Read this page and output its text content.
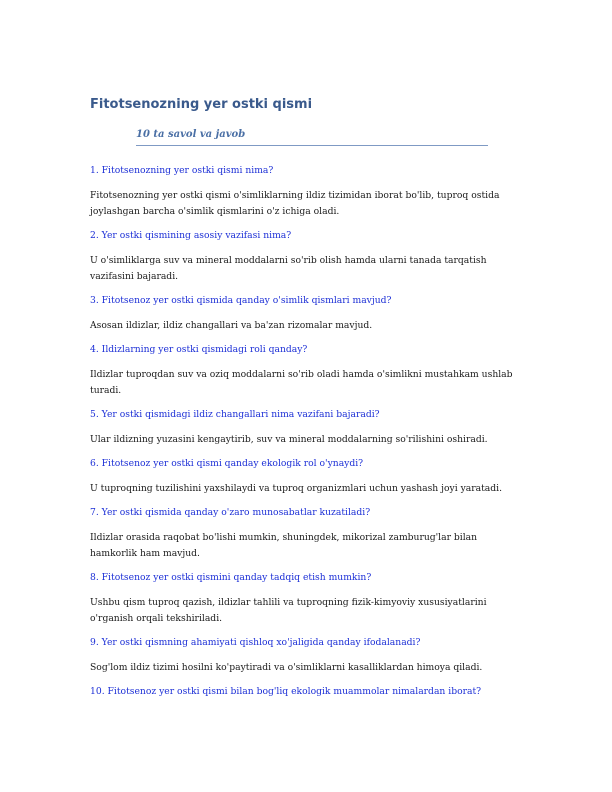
Fitotsenozning yer ostki qismi
10 ta savol va javob

1. Fitotsenozning yer ostki qismi nima?

Fitotsenozning yer ostki qismi o'simliklarning ildiz tizimidan iborat bo'lib, tuproq ostida joylashgan barcha o'simlik qismlarini o'z ichiga oladi.

2. Yer ostki qismining asosiy vazifasi nima?

U o'simliklarga suv va mineral moddalarni so'rib olish hamda ularni tanada tarqatish vazifasini bajaradi.

3. Fitotsenoz yer ostki qismida qanday o'simlik qismlari mavjud?

Asosan ildizlar, ildiz changallari va ba'zan rizomalar mavjud.

4. Ildizlarning yer ostki qismidagi roli qanday?

Ildizlar tuproqdan suv va oziq moddalarni so'rib oladi hamda o'simlikni mustahkam ushlab turadi.

5. Yer ostki qismidagi ildiz changallari nima vazifani bajaradi?

Ular ildizning yuzasini kengaytirib, suv va mineral moddalarning so'rilishini oshiradi.

6. Fitotsenoz yer ostki qismi qanday ekologik rol o'ynaydi?

U tuproqning tuzilishini yaxshilaydi va tuproq organizmlari uchun yashash joyi yaratadi.

7. Yer ostki qismida qanday o'zaro munosabatlar kuzatiladi?

Ildizlar orasida raqobat bo'lishi mumkin, shuningdek, mikorizal zamburug'lar bilan hamkorlik ham mavjud.

8. Fitotsenoz yer ostki qismini qanday tadqiq etish mumkin?

Ushbu qism tuproq qazish, ildizlar tahlili va tuproqning fizik-kimyoviy xususiyatlarini o'rganish orqali tekshiriladi.

9. Yer ostki qismning ahamiyati qishloq xo'jaligida qanday ifodalanadi?

Sog'lom ildiz tizimi hosilni ko'paytiradi va o'simliklarni kasalliklardan himoya qiladi.

10. Fitotsenoz yer ostki qismi bilan bog'liq ekologik muammolar nimalardan iborat?
